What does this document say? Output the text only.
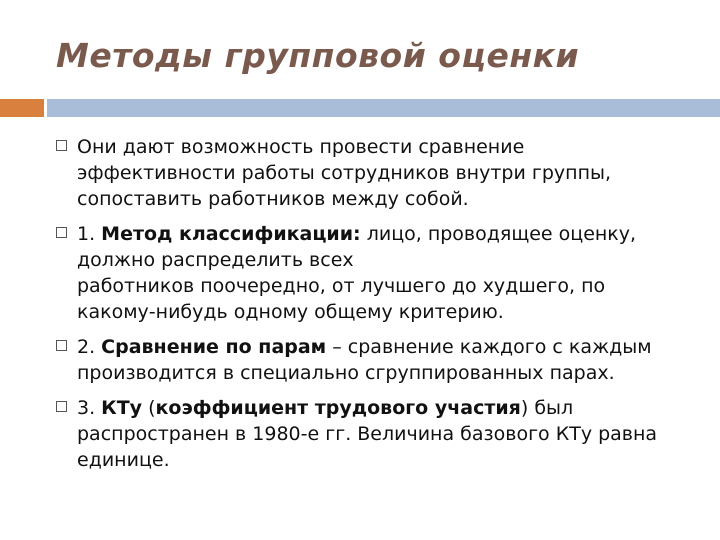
Методы групповой оценки
Они дают возможность провести сравнение эффективности работы сотрудников внутри группы, сопоставить работников между собой.
1. Метод классификации: лицо, проводящее оценку, должно распределить всех
работников поочередно, от лучшего до худшего, по какому-нибудь одному общему критерию.
2. Сравнение по парам – сравнение каждого с каждым производится в специально сгруппированных парах.
3. КТу (коэффициент трудового участия) был распространен в 1980-е гг. Величина базового КТу равна единице.
